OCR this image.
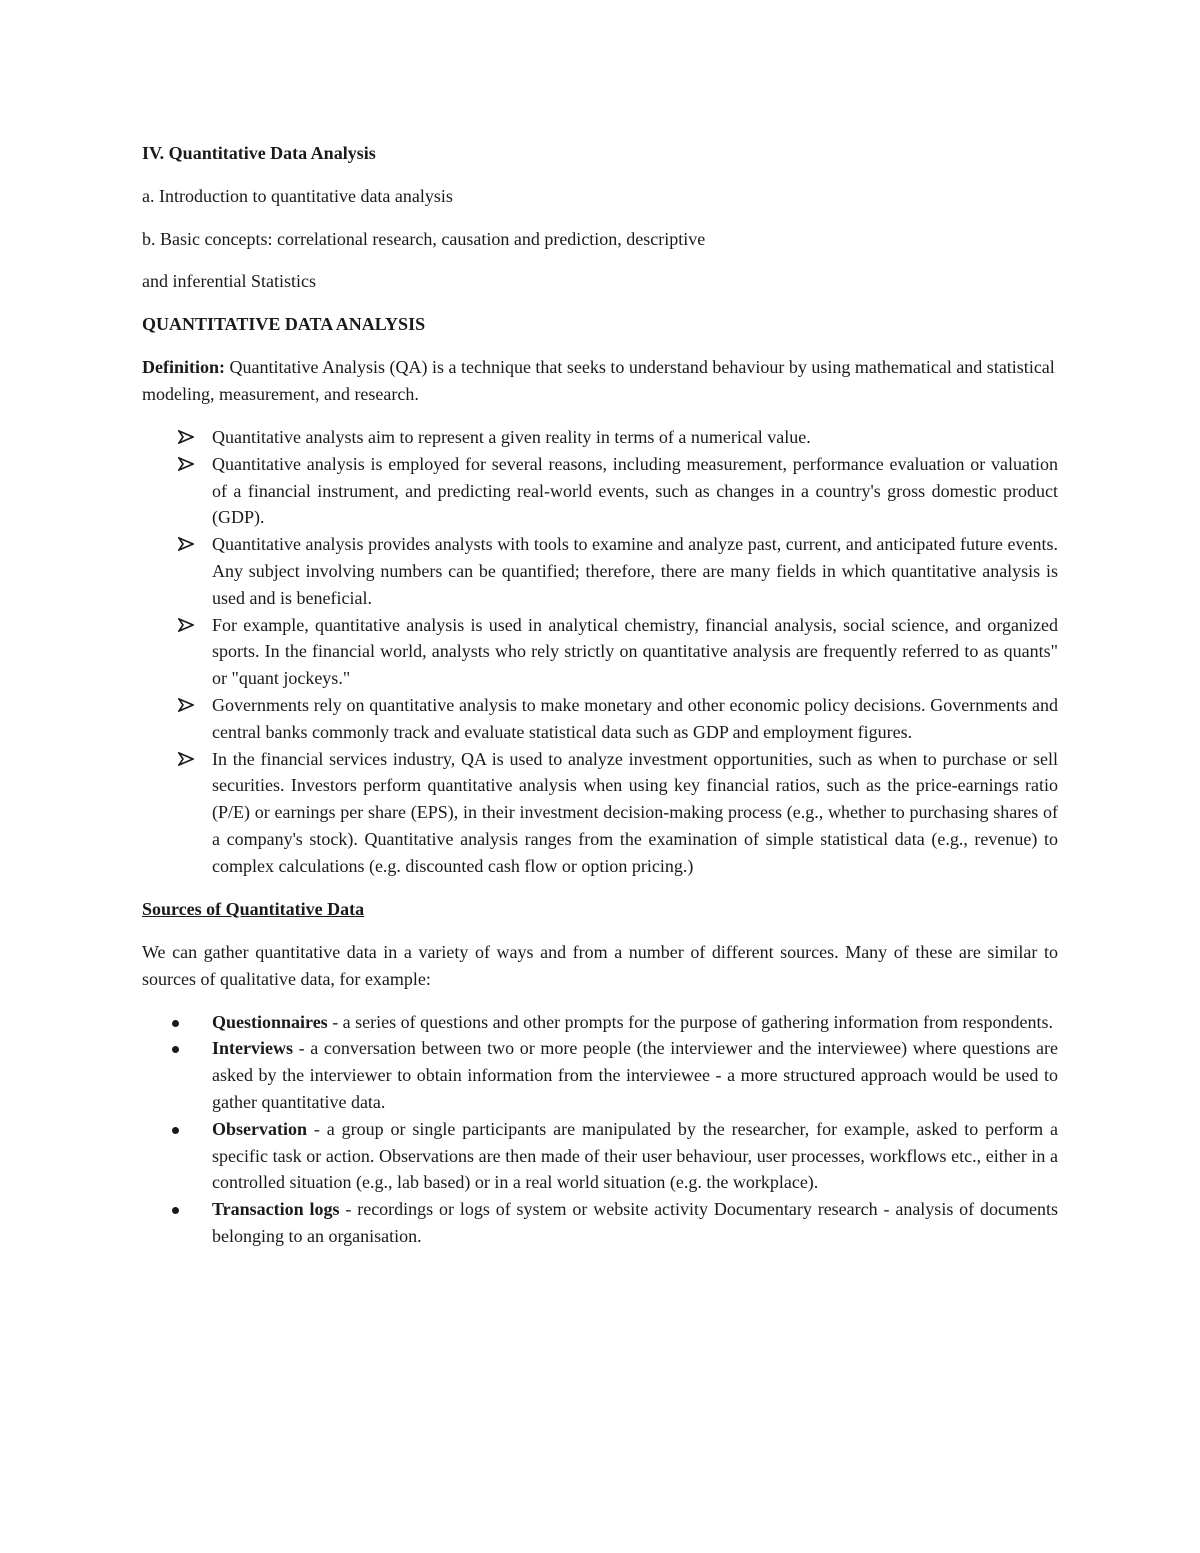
IV. Quantitative Data Analysis

a. Introduction to quantitative data analysis

b. Basic concepts: correlational research, causation and prediction, descriptive

and inferential Statistics

QUANTITATIVE DATA ANALYSIS

Definition: Quantitative Analysis (QA) is a technique that seeks to understand behaviour by using mathematical and statistical modeling, measurement, and research.

Quantitative analysts aim to represent a given reality in terms of a numerical value.
Quantitative analysis is employed for several reasons, including measurement, performance evaluation or valuation of a financial instrument, and predicting real-world events, such as changes in a country's gross domestic product (GDP).
Quantitative analysis provides analysts with tools to examine and analyze past, current, and anticipated future events. Any subject involving numbers can be quantified; therefore, there are many fields in which quantitative analysis is used and is beneficial.
For example, quantitative analysis is used in analytical chemistry, financial analysis, social science, and organized sports. In the financial world, analysts who rely strictly on quantitative analysis are frequently referred to as quants" or "quant jockeys."
Governments rely on quantitative analysis to make monetary and other economic policy decisions. Governments and central banks commonly track and evaluate statistical data such as GDP and employment figures.
In the financial services industry, QA is used to analyze investment opportunities, such as when to purchase or sell securities. Investors perform quantitative analysis when using key financial ratios, such as the price-earnings ratio (P/E) or earnings per share (EPS), in their investment decision-making process (e.g., whether to purchasing shares of a company's stock). Quantitative analysis ranges from the examination of simple statistical data (e.g., revenue) to complex calculations (e.g. discounted cash flow or option pricing.)

Sources of Quantitative Data

We can gather quantitative data in a variety of ways and from a number of different sources. Many of these are similar to sources of qualitative data, for example:

Questionnaires - a series of questions and other prompts for the purpose of gathering information from respondents.
Interviews - a conversation between two or more people (the interviewer and the interviewee) where questions are asked by the interviewer to obtain information from the interviewee - a more structured approach would be used to gather quantitative data.
Observation - a group or single participants are manipulated by the researcher, for example, asked to perform a specific task or action. Observations are then made of their user behaviour, user processes, workflows etc., either in a controlled situation (e.g., lab based) or in a real world situation (e.g. the workplace).
Transaction logs - recordings or logs of system or website activity Documentary research - analysis of documents belonging to an organisation.
